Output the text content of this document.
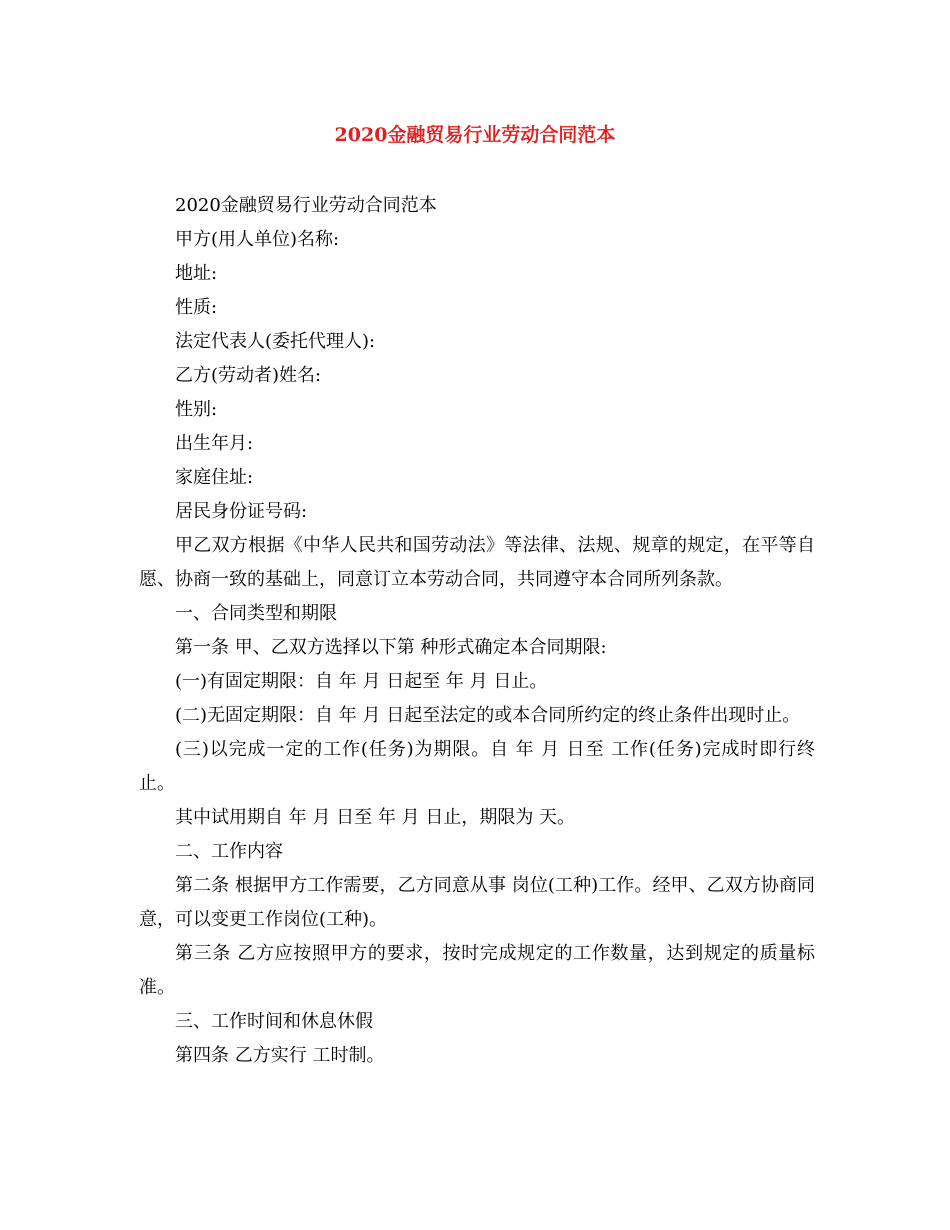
2020金融贸易行业劳动合同范本

2020金融贸易行业劳动合同范本

甲方(用人单位)名称:

地址:

性质:

法定代表人(委托代理人):

乙方(劳动者)姓名:

性别:

出生年月:

家庭住址:

居民身份证号码:

甲乙双方根据《中华人民共和国劳动法》等法律、法规、规章的规定，在平等自愿、协商一致的基础上，同意订立本劳动合同，共同遵守本合同所列条款。

一、合同类型和期限

第一条 甲、乙双方选择以下第 种形式确定本合同期限:

(一)有固定期限：自 年 月 日起至 年 月 日止。

(二)无固定期限：自 年 月 日起至法定的或本合同所约定的终止条件出现时止。

(三)以完成一定的工作(任务)为期限。自 年 月 日至 工作(任务)完成时即行终止。

其中试用期自 年 月 日至 年 月 日止，期限为 天。

二、工作内容

第二条 根据甲方工作需要，乙方同意从事 岗位(工种)工作。经甲、乙双方协商同意，可以变更工作岗位(工种)。

第三条 乙方应按照甲方的要求，按时完成规定的工作数量，达到规定的质量标准。

三、工作时间和休息休假

第四条 乙方实行 工时制。
